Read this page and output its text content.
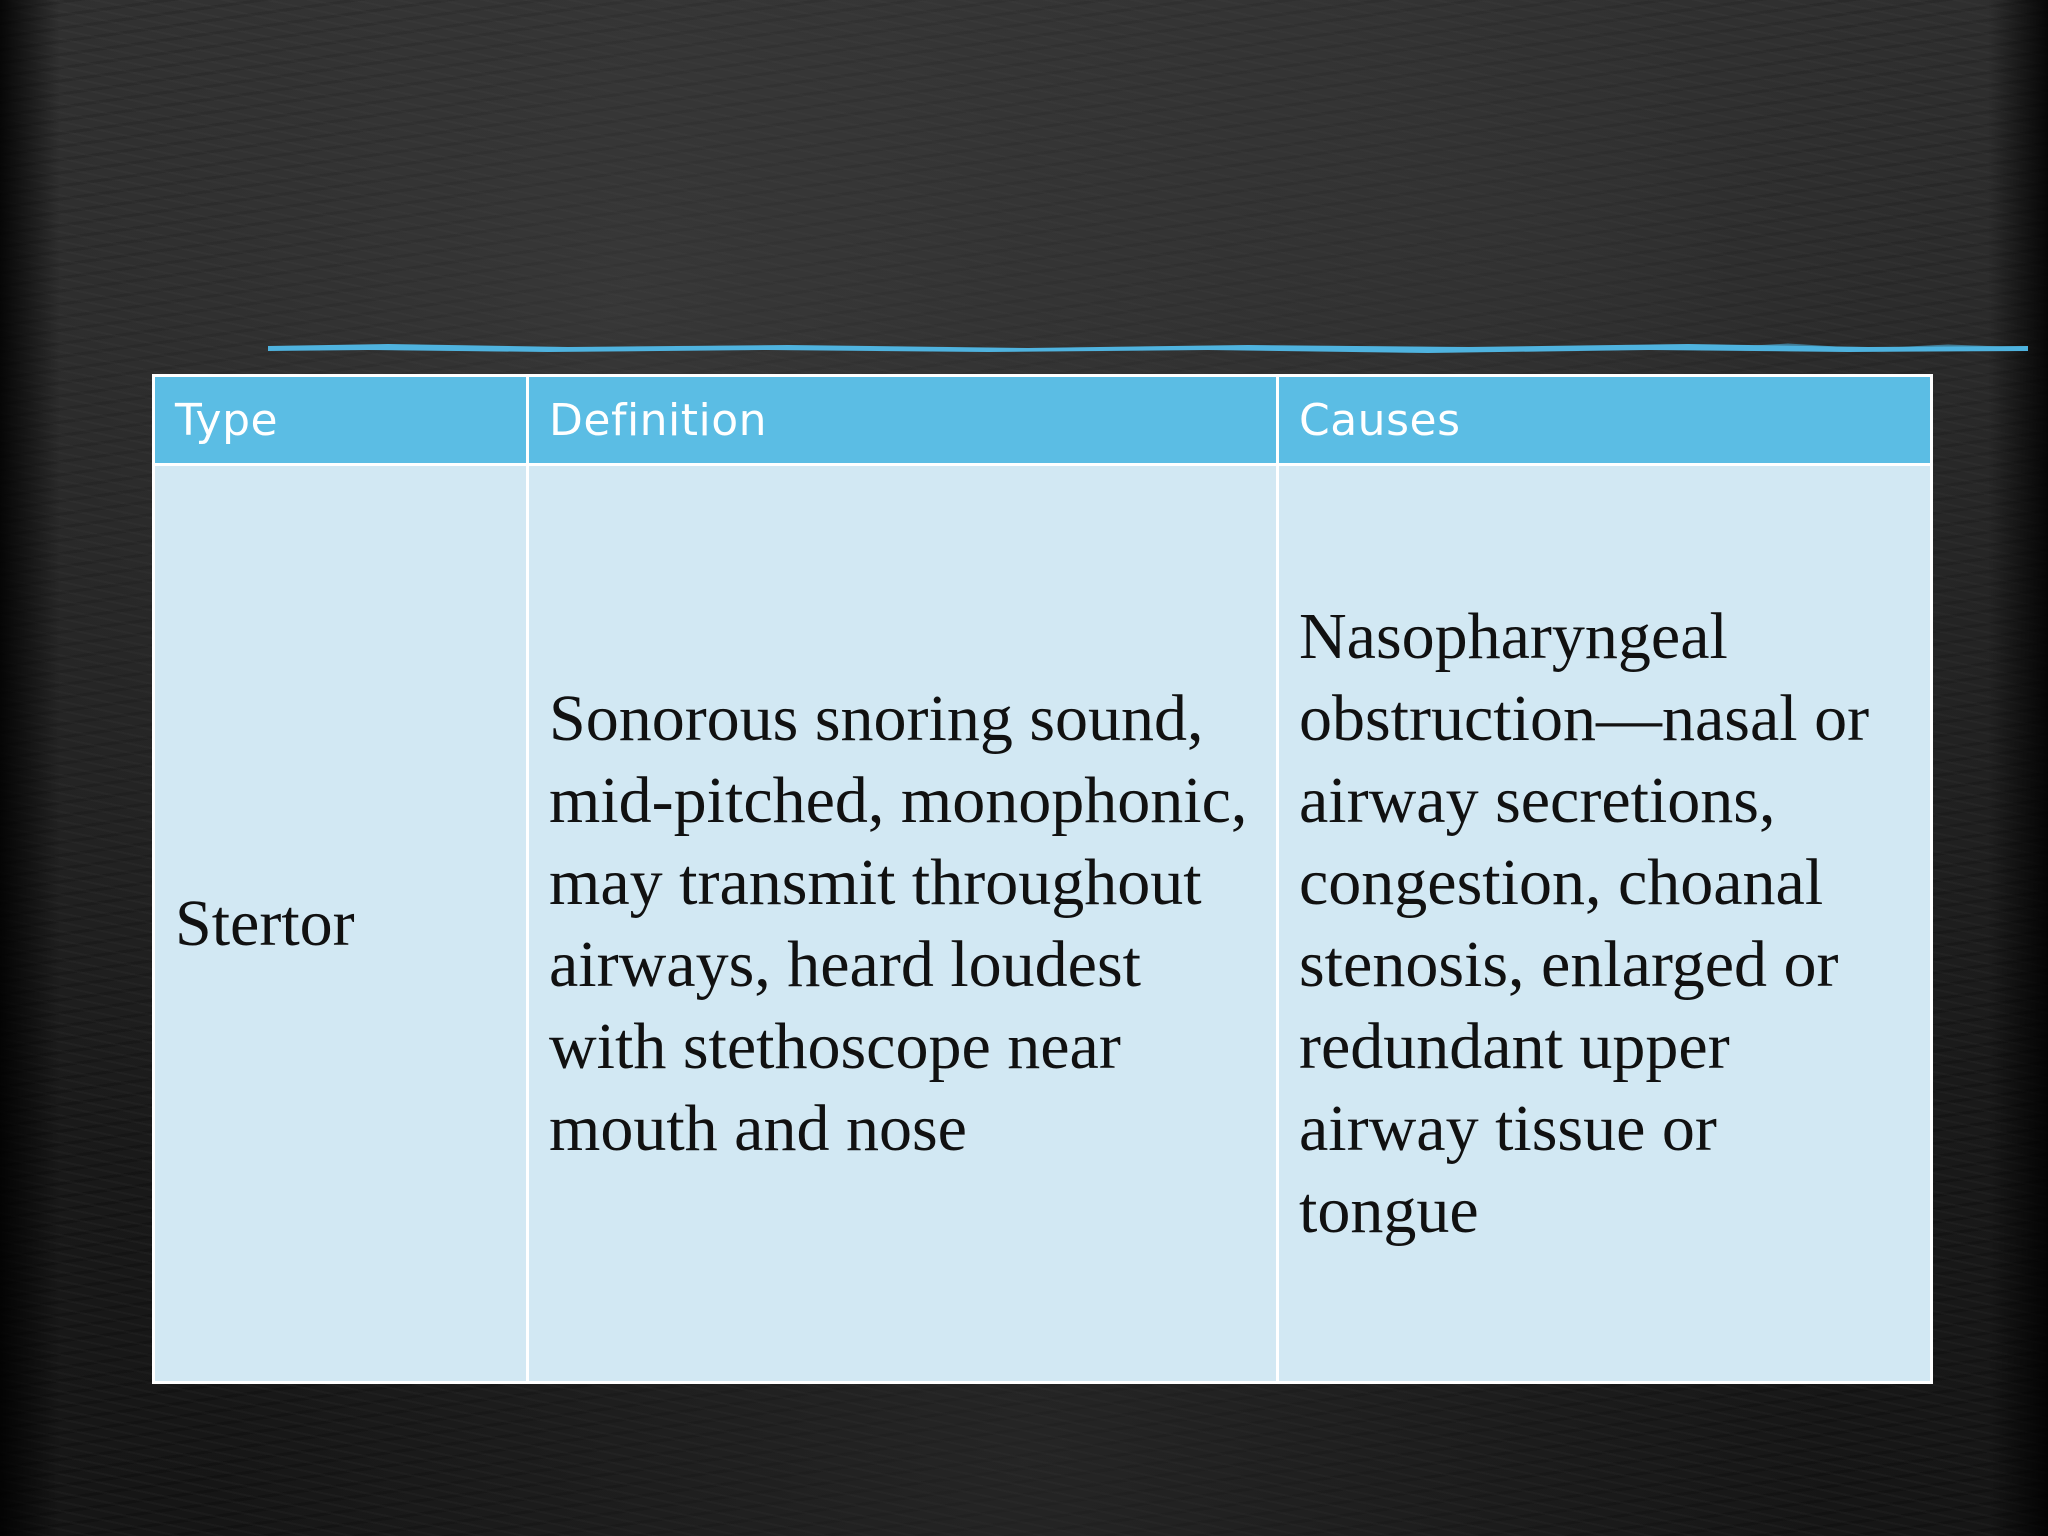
Type	Definition	Causes
Stertor	Sonorous snoring sound, mid-pitched, monophonic, may transmit throughout airways, heard loudest with stethoscope near mouth and nose	Nasopharyngeal obstruction—nasal or airway secretions, congestion, choanal stenosis, enlarged or redundant upper airway tissue or tongue
